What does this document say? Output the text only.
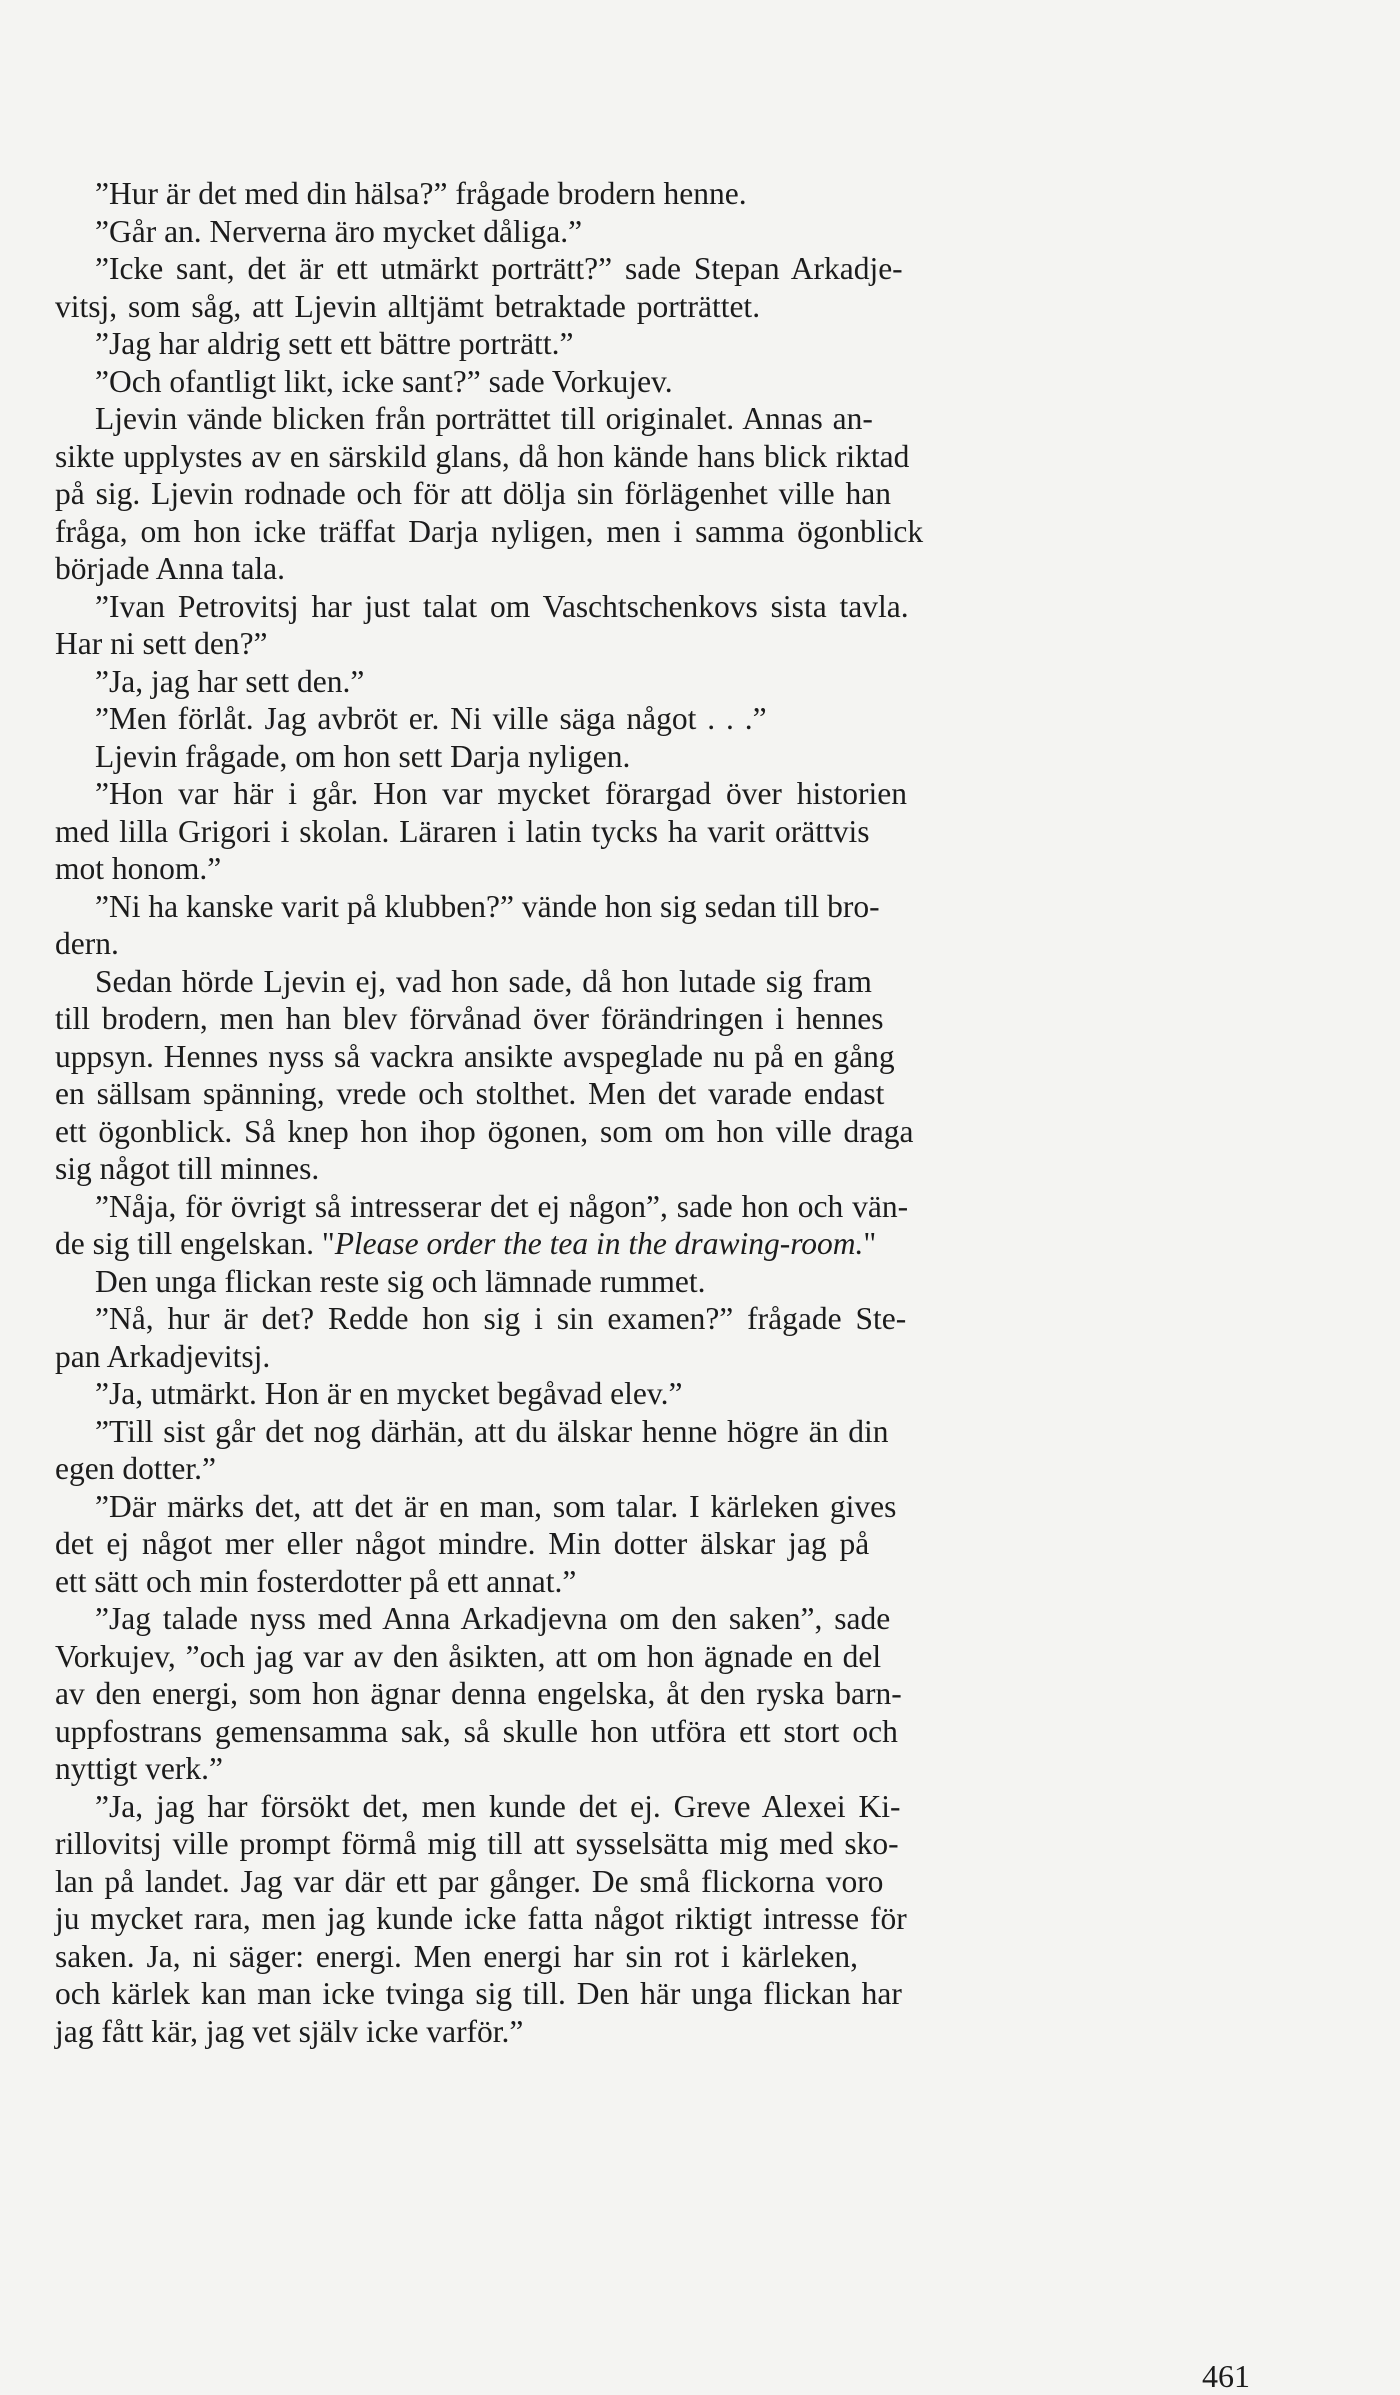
”Hur är det med din hälsa?” frågade brodern henne.
”Går an. Nerverna äro mycket dåliga.”
”Icke sant, det är ett utmärkt porträtt?” sade Stepan Arkadje-
vitsj, som såg, att Ljevin alltjämt betraktade porträttet.
”Jag har aldrig sett ett bättre porträtt.”
”Och ofantligt likt, icke sant?” sade Vorkujev.
Ljevin vände blicken från porträttet till originalet. Annas an-
sikte upplystes av en särskild glans, då hon kände hans blick riktad
på sig. Ljevin rodnade och för att dölja sin förlägenhet ville han
fråga, om hon icke träffat Darja nyligen, men i samma ögonblick
började Anna tala.
”Ivan Petrovitsj har just talat om Vaschtschenkovs sista tavla.
Har ni sett den?”
”Ja, jag har sett den.”
”Men förlåt. Jag avbröt er. Ni ville säga något . . .”
Ljevin frågade, om hon sett Darja nyligen.
”Hon var här i går. Hon var mycket förargad över historien
med lilla Grigori i skolan. Läraren i latin tycks ha varit orättvis
mot honom.”
”Ni ha kanske varit på klubben?” vände hon sig sedan till bro-
dern.
Sedan hörde Ljevin ej, vad hon sade, då hon lutade sig fram
till brodern, men han blev förvånad över förändringen i hennes
uppsyn. Hennes nyss så vackra ansikte avspeglade nu på en gång
en sällsam spänning, vrede och stolthet. Men det varade endast
ett ögonblick. Så knep hon ihop ögonen, som om hon ville draga
sig något till minnes.
”Nåja, för övrigt så intresserar det ej någon”, sade hon och vän-
de sig till engelskan. "Please order the tea in the drawing-room."
Den unga flickan reste sig och lämnade rummet.
”Nå, hur är det? Redde hon sig i sin examen?” frågade Ste-
pan Arkadjevitsj.
”Ja, utmärkt. Hon är en mycket begåvad elev.”
”Till sist går det nog därhän, att du älskar henne högre än din
egen dotter.”
”Där märks det, att det är en man, som talar. I kärleken gives
det ej något mer eller något mindre. Min dotter älskar jag på
ett sätt och min fosterdotter på ett annat.”
”Jag talade nyss med Anna Arkadjevna om den saken”, sade
Vorkujev, ”och jag var av den åsikten, att om hon ägnade en del
av den energi, som hon ägnar denna engelska, åt den ryska barn-
uppfostrans gemensamma sak, så skulle hon utföra ett stort och
nyttigt verk.”
”Ja, jag har försökt det, men kunde det ej. Greve Alexei Ki-
rillovitsj ville prompt förmå mig till att sysselsätta mig med sko-
lan på landet. Jag var där ett par gånger. De små flickorna voro
ju mycket rara, men jag kunde icke fatta något riktigt intresse för
saken. Ja, ni säger: energi. Men energi har sin rot i kärleken,
och kärlek kan man icke tvinga sig till. Den här unga flickan har
jag fått kär, jag vet själv icke varför.”
461
